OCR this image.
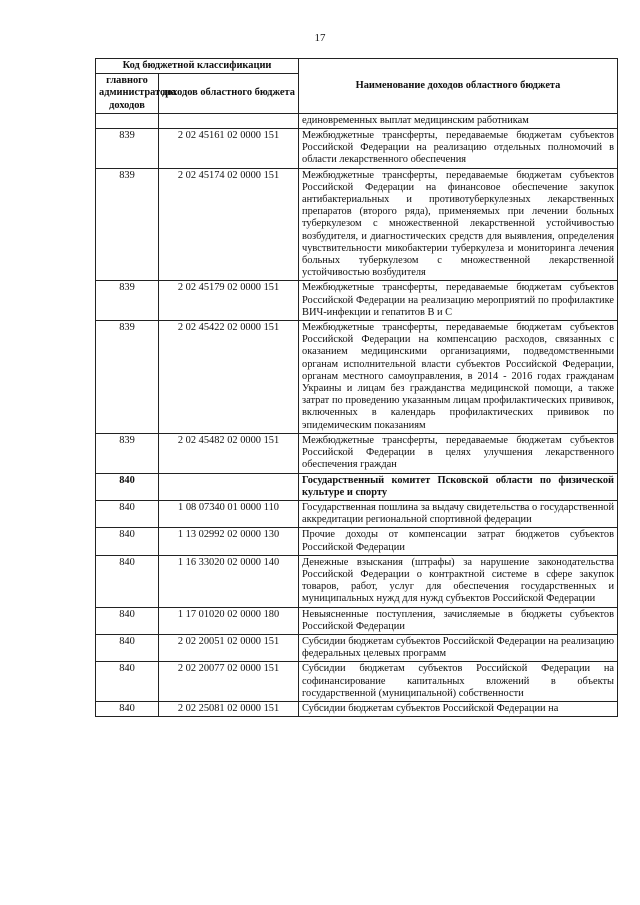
17
Код бюджетной классификации		Наименование доходов областного бюджета
главного администратора доходов	доходов областного бюджета	
		единовременных выплат медицинским работникам
839	2 02 45161 02 0000 151	Межбюджетные трансферты, передаваемые бюджетам субъектов Российской Федерации на реализацию отдельных полномочий в области лекарственного обеспечения
839	2 02 45174 02 0000 151	Межбюджетные трансферты, передаваемые бюджетам субъектов Российской Федерации на финансовое обеспечение закупок антибактериальных и противотуберкулезных лекарственных препаратов (второго ряда), применяемых при лечении больных туберкулезом с множественной лекарственной устойчивостью возбудителя, и диагностических средств для выявления, определения чувствительности микобактерии туберкулеза и мониторинга лечения больных туберкулезом с множественной лекарственной устойчивостью возбудителя
839	2 02 45179 02 0000 151	Межбюджетные трансферты, передаваемые бюджетам субъектов Российской Федерации на реализацию мероприятий по профилактике ВИЧ-инфекции и гепатитов B и C
839	2 02 45422 02 0000 151	Межбюджетные трансферты, передаваемые бюджетам субъектов Российской Федерации на компенсацию расходов, связанных с оказанием медицинскими организациями, подведомственными органам исполнительной власти субъектов Российской Федерации, органам местного самоуправления, в 2014 - 2016 годах гражданам Украины и лицам без гражданства медицинской помощи, а также затрат по проведению указанным лицам профилактических прививок, включенных в календарь профилактических прививок по эпидемическим показаниям
839	2 02 45482 02 0000 151	Межбюджетные трансферты, передаваемые бюджетам субъектов Российской Федерации в целях улучшения лекарственного обеспечения граждан
840		Государственный комитет Псковской области по физической культуре и спорту
840	1 08 07340 01 0000 110	Государственная пошлина за выдачу свидетельства о государственной аккредитации региональной спортивной федерации
840	1 13 02992 02 0000 130	Прочие доходы от компенсации затрат бюджетов субъектов Российской Федерации
840	1 16 33020 02 0000 140	Денежные взыскания (штрафы) за нарушение законодательства Российской Федерации о контрактной системе в сфере закупок товаров, работ, услуг для обеспечения государственных и муниципальных нужд для нужд субъектов Российской Федерации
840	1 17 01020 02 0000 180	Невыясненные поступления, зачисляемые в бюджеты субъектов Российской Федерации
840	2 02 20051 02 0000 151	Субсидии бюджетам субъектов Российской Федерации на реализацию федеральных целевых программ
840	2 02 20077 02 0000 151	Субсидии бюджетам субъектов Российской Федерации на софинансирование капитальных вложений в объекты государственной (муниципальной) собственности
840	2 02 25081 02 0000 151	Субсидии бюджетам субъектов Российской Федерации на
